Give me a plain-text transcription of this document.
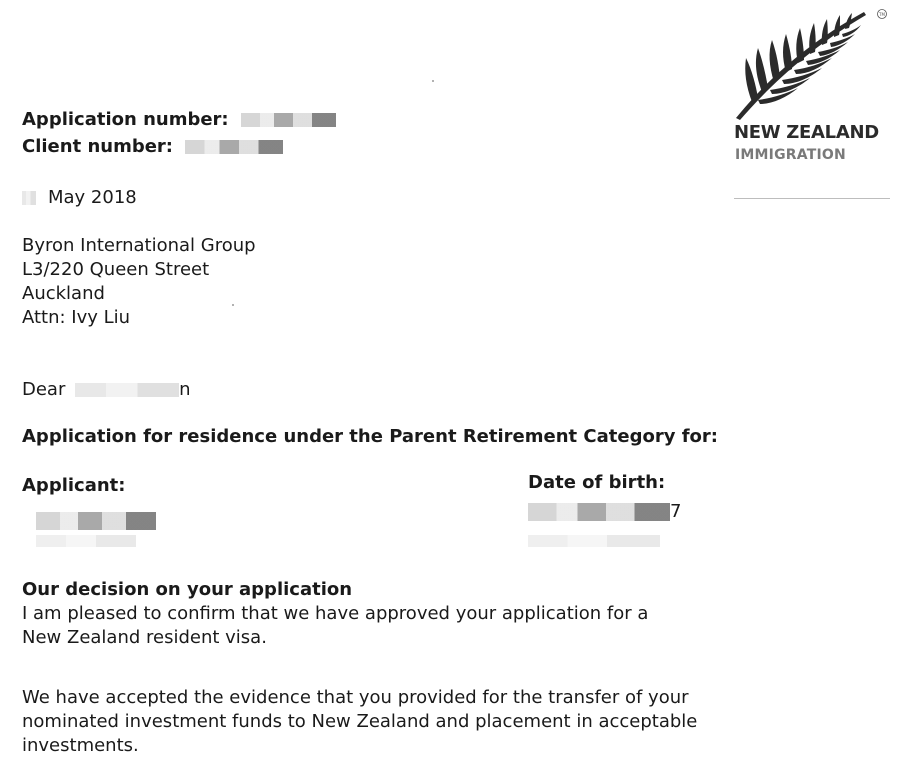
TM
NEW ZEALAND
IMMIGRATION
Application number:
Client number:
May 2018
Byron International Group
L3/220 Queen Street
Auckland
Attn: Ivy Liu
Dear	n
Application for residence under the Parent Retirement Category for:
Applicant:	Date of birth:
7
Our decision on your application
I am pleased to confirm that we have approved your application for a
New Zealand resident visa.
We have accepted the evidence that you provided for the transfer of your
nominated investment funds to New Zealand and placement in acceptable
investments.
